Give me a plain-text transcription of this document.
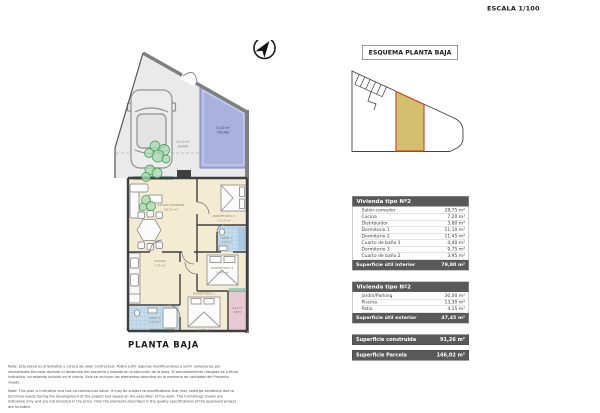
ESCALA 1/100
ESQUEMA PLANTA BAJA
13,30 m²
PISCINA
30,00 m²
JARDIN
SALON-COMEDOR
28,75 m²
DORMITORIO 1
11,10 m²
BAÑO 1
4,40 m²
DORMITORIO 2
11,45 m²
DORMITORIO 3
9,75 m²
COCINA
7,20 m²
BAÑO 2
3,95 m²
4,15 m²
PATIO
PLANTA BAJA
Vivienda tipo Nº2
Salón-comedor	28,75 m²
Cocina	7,20 m²
Distribuidor	3,80 m²
Dormitorio 1	11,10 m²
Dormitorio 2	11,45 m²
Cuarto de baño 1	4,40 m²
Dormitorio 3	9,75 m²
Cuarto de baño 2	3,95 m²
Superficie útil interior	79,80 m²
Vivienda tipo Nº2
Jardín/Parking	30,00 m²
Piscina	13,30 m²
Patio	4,15 m²
Superficie útil exterior	47,45 m²
Superficie construida 91,26 m²
Superficie Parcela	146,02 m²

Nota: Este plano es orientativo y carece de valor contractual. Podrá sufrir algunas modificaciones y sufrir variaciones por necesidades técnicas durante el desarrollo del proyecto y basado en la ejecución de la obra. El amueblamiento dibujado es a título indicativo, no estando incluido en el precio. Solo se incluyen los elementos descritos en la memoria de calidades del Proyecto visado.

Note: This plan is indicative and has no contractual value. It may be subject to modifications that may undergo variations due to technical needs during the development of the project and based on the execution of the work. The furnishings shown are indicative only and are not included in the price. Only the elements described in the quality specifications of the approved project are included.
